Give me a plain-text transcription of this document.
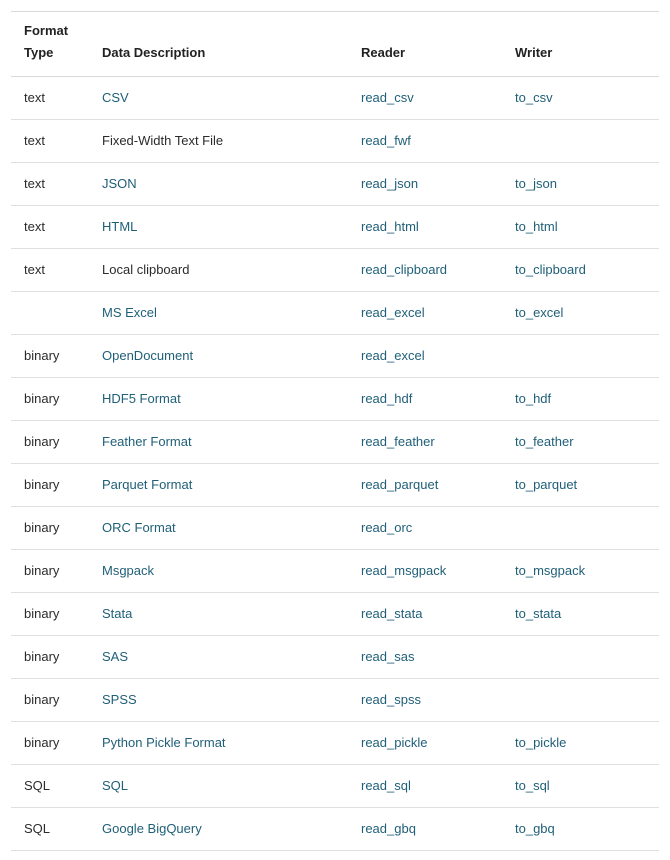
Format
Type	Data Description	Reader	Writer
text	CSV	read_csv	to_csv
text	Fixed-Width Text File	read_fwf	
text	JSON	read_json	to_json
text	HTML	read_html	to_html
text	Local clipboard	read_clipboard	to_clipboard
	MS Excel	read_excel	to_excel
binary	OpenDocument	read_excel	
binary	HDF5 Format	read_hdf	to_hdf
binary	Feather Format	read_feather	to_feather
binary	Parquet Format	read_parquet	to_parquet
binary	ORC Format	read_orc	
binary	Msgpack	read_msgpack	to_msgpack
binary	Stata	read_stata	to_stata
binary	SAS	read_sas	
binary	SPSS	read_spss	
binary	Python Pickle Format	read_pickle	to_pickle
SQL	SQL	read_sql	to_sql
SQL	Google BigQuery	read_gbq	to_gbq
